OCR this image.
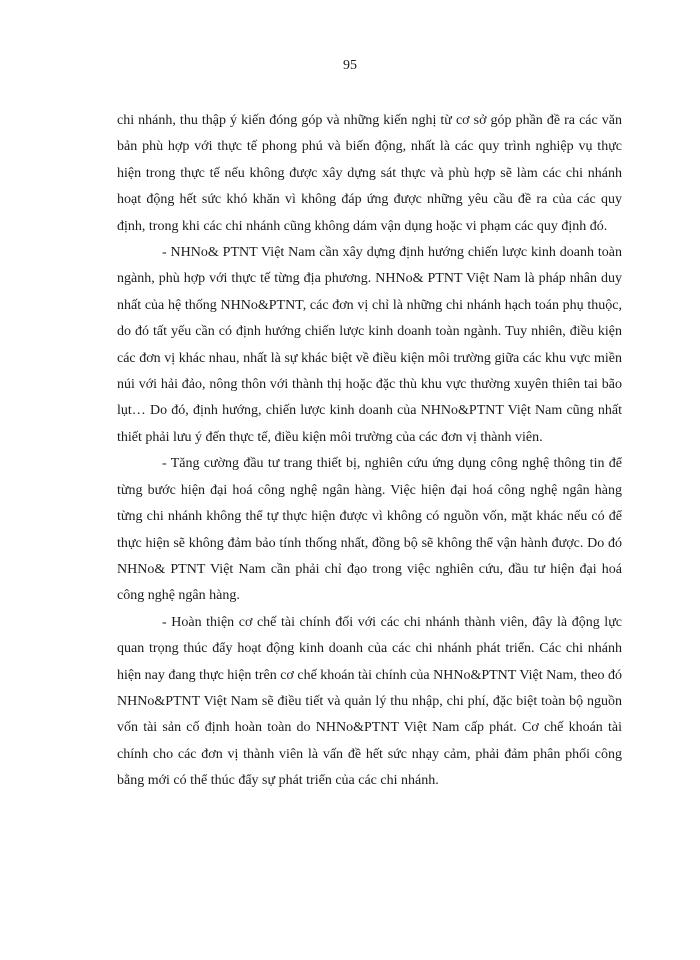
95

chi nhánh, thu thập ý kiến đóng góp và những kiến nghị từ cơ sở góp phần đề ra các văn bản phù hợp với thực tế phong phú và biến động, nhất là các quy trình nghiệp vụ thực hiện trong thực tế nếu không được xây dựng sát thực và phù hợp sẽ làm các chi nhánh hoạt động hết sức khó khăn vì không đáp ứng được những yêu cầu đề ra của các quy định, trong khi các chi nhánh cũng không dám vận dụng hoặc vi phạm các quy định đó.

- NHNo& PTNT Việt Nam cần xây dựng định hướng chiến lược kinh doanh toàn ngành, phù hợp với thực tế từng địa phương. NHNo& PTNT Việt Nam là pháp nhân duy nhất của hệ thống NHNo&PTNT, các đơn vị chỉ là những chi nhánh hạch toán phụ thuộc, do đó tất yếu cần có định hướng chiến lược kinh doanh toàn ngành. Tuy nhiên, điều kiện các đơn vị khác nhau, nhất là sự khác biệt về điều kiện môi trường giữa các khu vực miền núi với hải đảo, nông thôn với thành thị hoặc đặc thù khu vực thường xuyên thiên tai bão lụt… Do đó, định hướng, chiến lược kinh doanh của NHNo&PTNT Việt Nam cũng nhất thiết phải lưu ý đến thực tế, điều kiện môi trường của các đơn vị thành viên.

- Tăng cường đầu tư trang thiết bị, nghiên cứu ứng dụng công nghệ thông tin để từng bước hiện đại hoá công nghệ ngân hàng. Việc hiện đại hoá công nghệ ngân hàng từng chi nhánh không thể tự thực hiện được vì không có nguồn vốn, mặt khác nếu có để thực hiện sẽ không đảm bảo tính thống nhất, đồng bộ sẽ không thể vận hành được. Do đó NHNo& PTNT Việt Nam cần phải chỉ đạo trong việc nghiên cứu, đầu tư hiện đại hoá công nghệ ngân hàng.

- Hoàn thiện cơ chế tài chính đối với các chi nhánh thành viên, đây là động lực quan trọng thúc đẩy hoạt động kinh doanh của các chi nhánh phát triển. Các chi nhánh hiện nay đang thực hiện trên cơ chế khoán tài chính của NHNo&PTNT Việt Nam, theo đó NHNo&PTNT Việt Nam sẽ điều tiết và quản lý thu nhập, chi phí, đặc biệt toàn bộ nguồn vốn tài sản cố định hoàn toàn do NHNo&PTNT Việt Nam cấp phát. Cơ chế khoán tài chính cho các đơn vị thành viên là vấn đề hết sức nhạy cảm, phải đảm phân phối công bằng mới có thể thúc đẩy sự phát triển của các chi nhánh.
